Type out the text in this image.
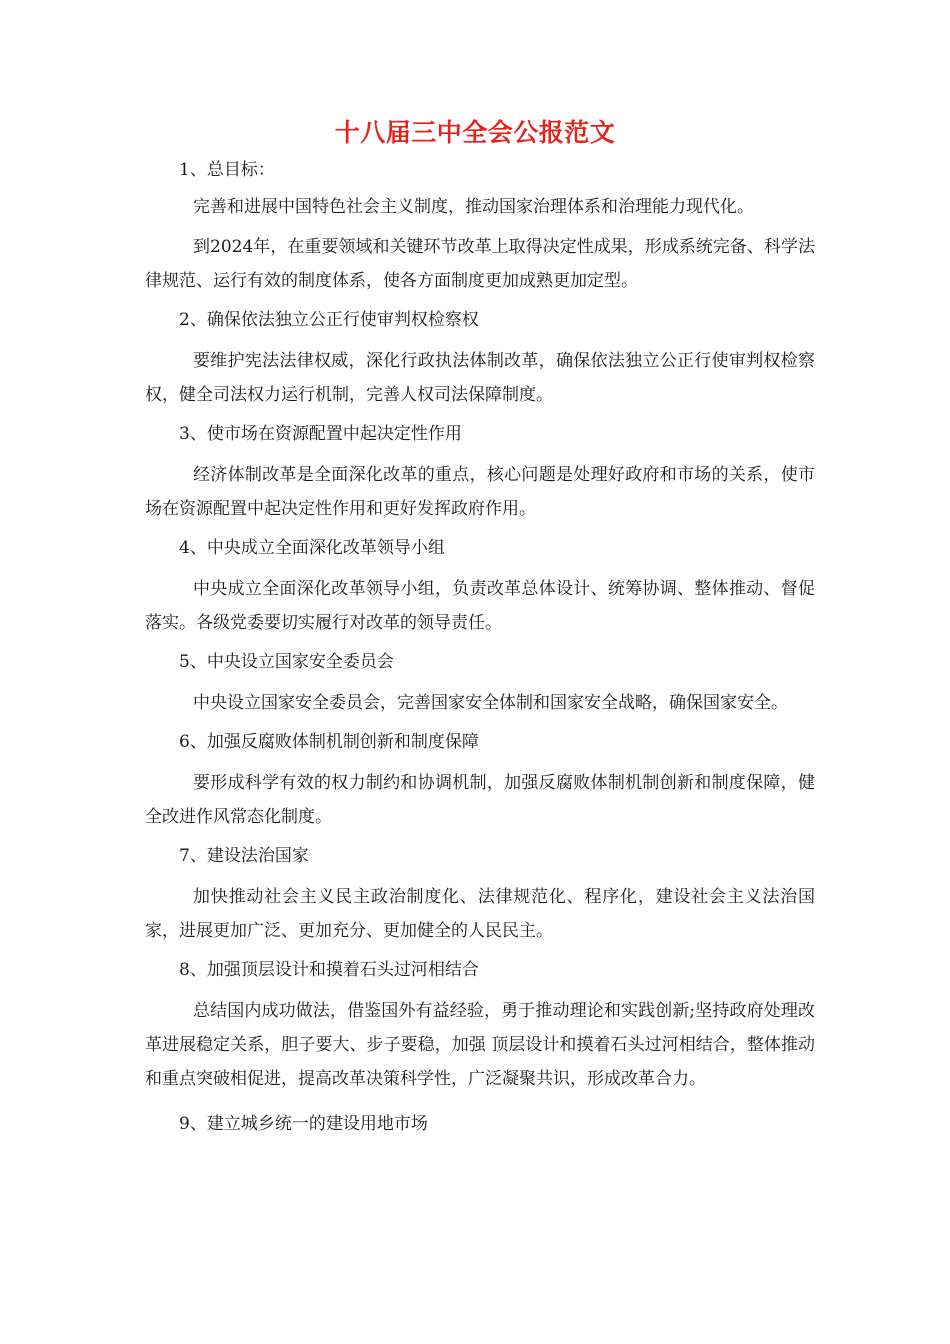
十八届三中全会公报范文

1、总目标：

完善和进展中国特色社会主义制度，推动国家治理体系和治理能力现代化。

到2024年，在重要领域和关键环节改革上取得决定性成果，形成系统完备、科学法律规范、运行有效的制度体系，使各方面制度更加成熟更加定型。

2、确保依法独立公正行使审判权检察权

要维护宪法法律权威，深化行政执法体制改革，确保依法独立公正行使审判权检察权，健全司法权力运行机制，完善人权司法保障制度。

3、使市场在资源配置中起决定性作用

经济体制改革是全面深化改革的重点，核心问题是处理好政府和市场的关系，使市场在资源配置中起决定性作用和更好发挥政府作用。

4、中央成立全面深化改革领导小组

中央成立全面深化改革领导小组，负责改革总体设计、统筹协调、整体推动、督促落实。各级党委要切实履行对改革的领导责任。

5、中央设立国家安全委员会

中央设立国家安全委员会，完善国家安全体制和国家安全战略，确保国家安全。

6、加强反腐败体制机制创新和制度保障

要形成科学有效的权力制约和协调机制，加强反腐败体制机制创新和制度保障，健全改进作风常态化制度。

7、建设法治国家

加快推动社会主义民主政治制度化、法律规范化、程序化，建设社会主义法治国家，进展更加广泛、更加充分、更加健全的人民民主。

8、加强顶层设计和摸着石头过河相结合

总结国内成功做法，借鉴国外有益经验，勇于推动理论和实践创新;坚持政府处理改革进展稳定关系，胆子要大、步子要稳，加强 顶层设计和摸着石头过河相结合，整体推动和重点突破相促进，提高改革决策科学性，广泛凝聚共识，形成改革合力。

9、建立城乡统一的建设用地市场
